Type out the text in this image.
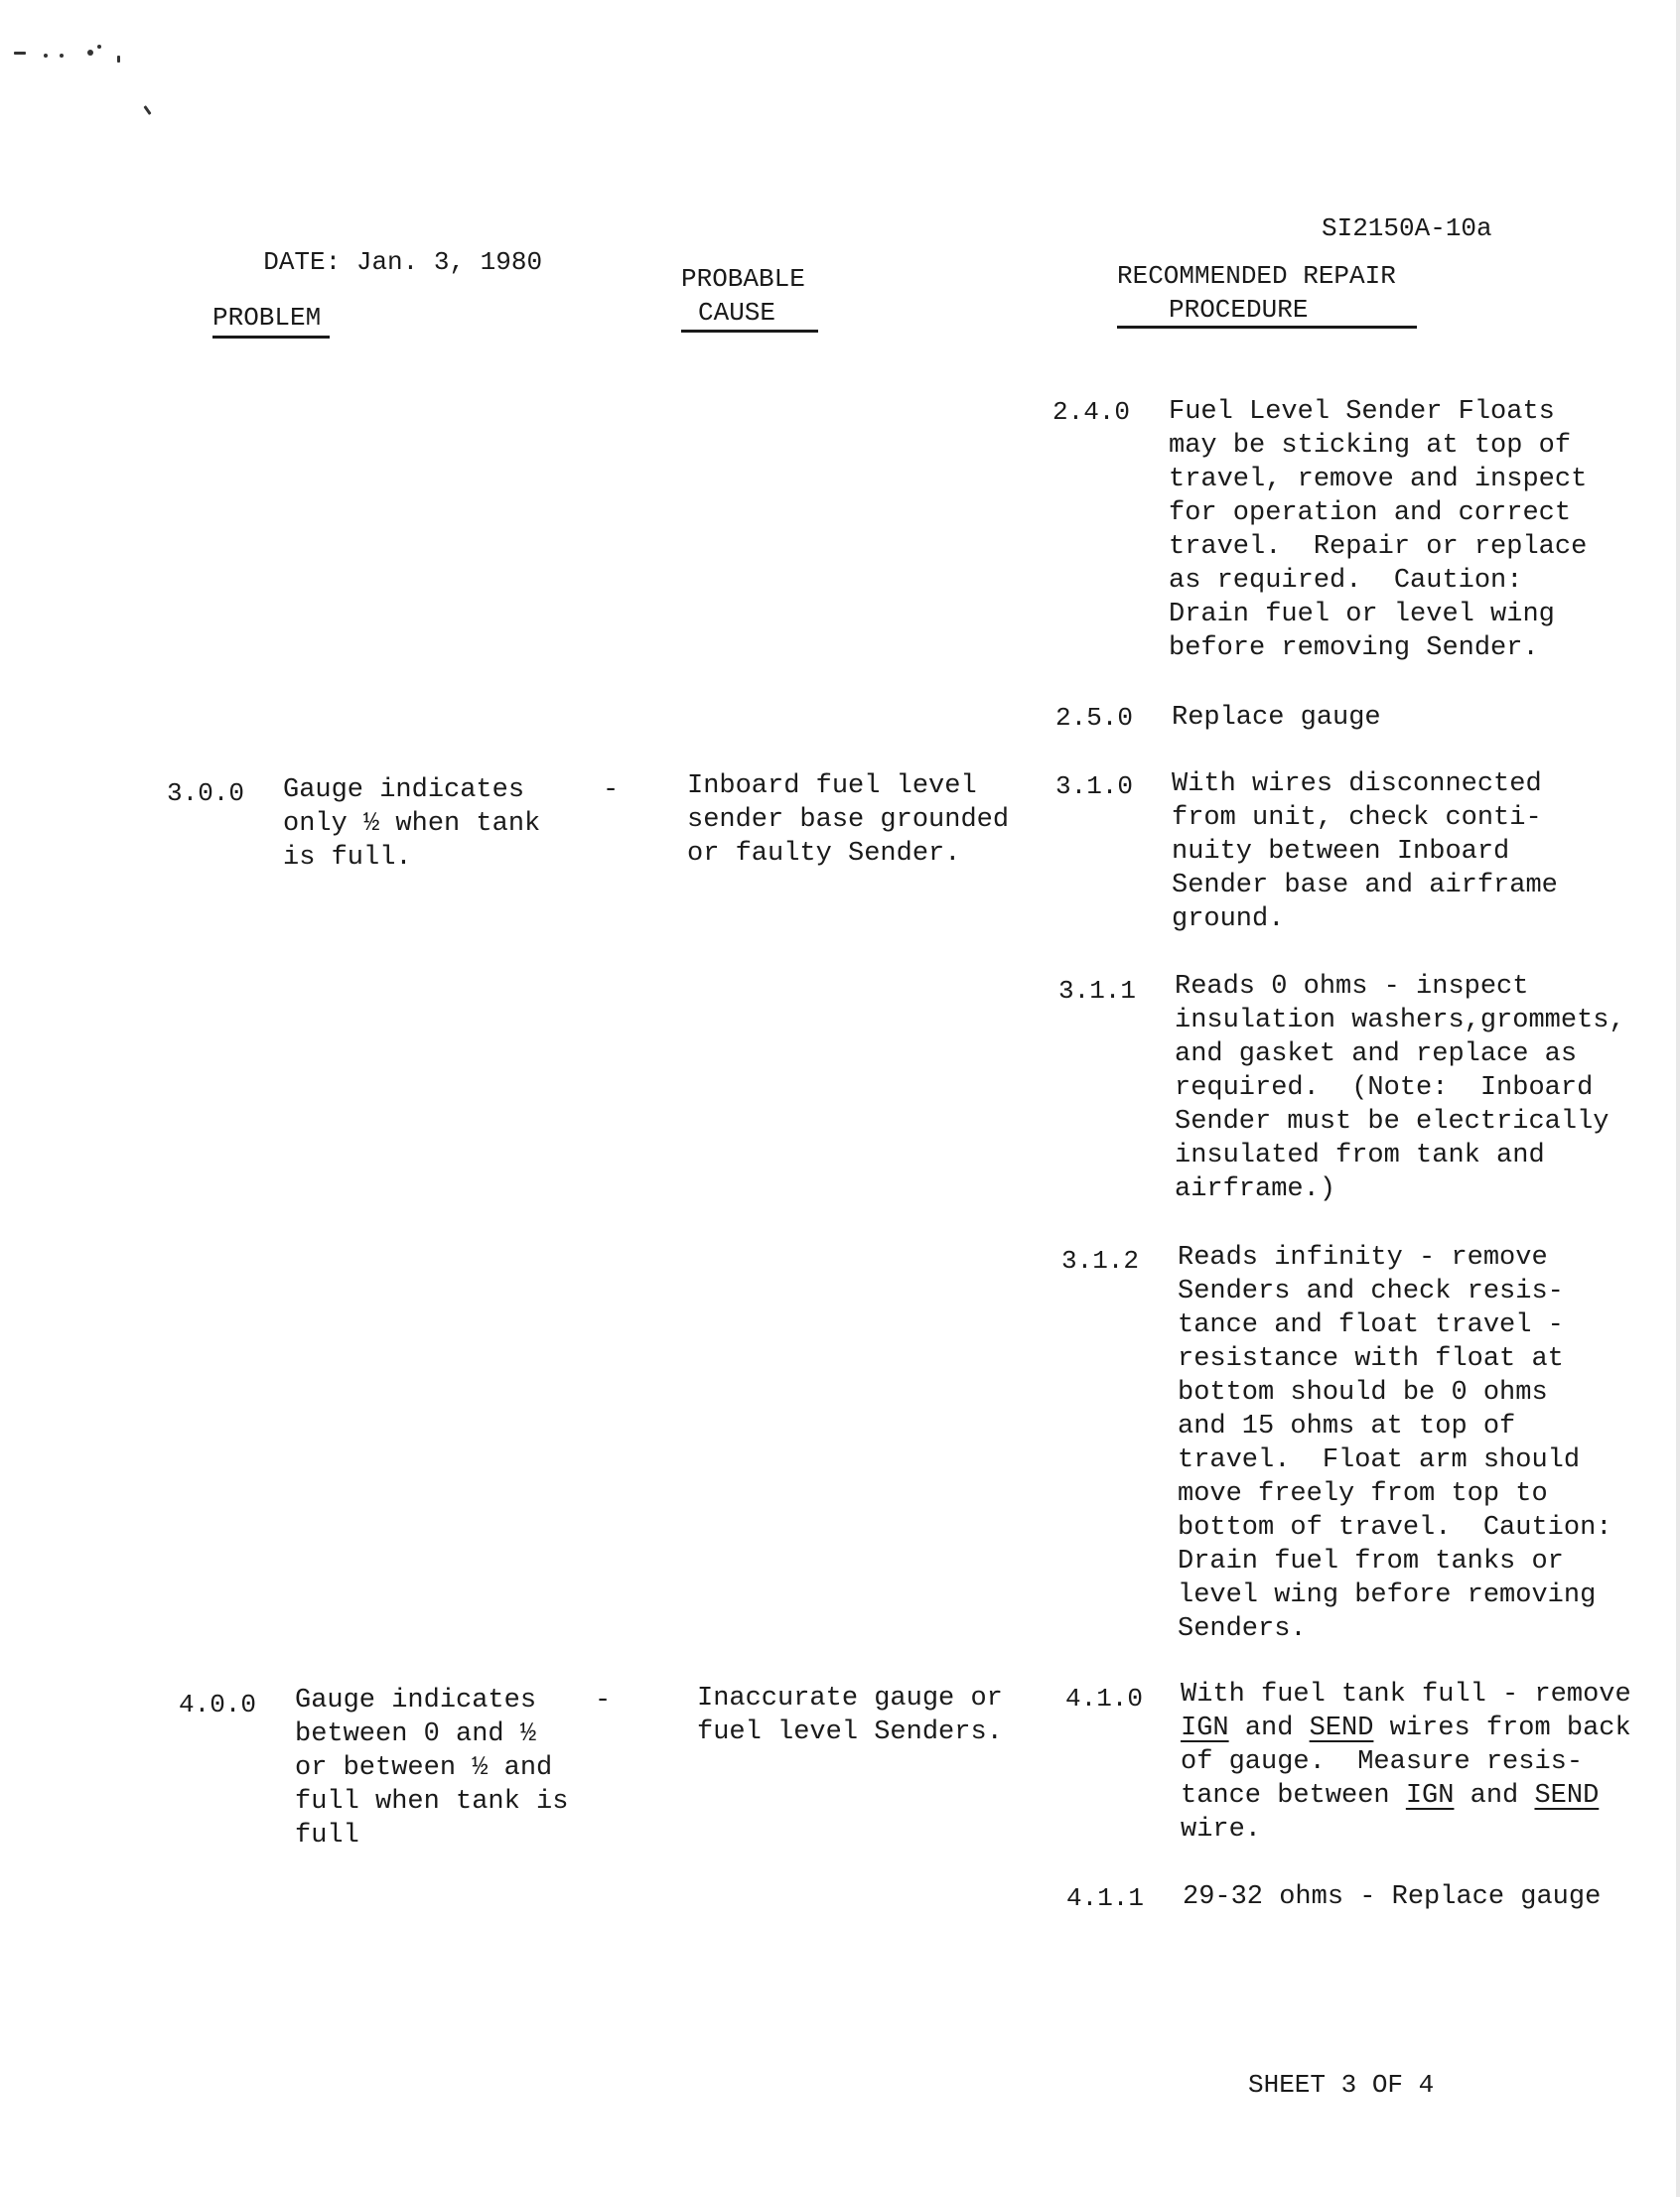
DATE: Jan. 3, 1980

SI2150A-10a
PROBLEM
PROBABLE
CAUSE
RECOMMENDED REPAIR
PROCEDURE
2.4.0 Fuel Level Sender Floats
may be sticking at top of
travel, remove and inspect
for operation and correct
travel.  Repair or replace
as required.  Caution:
Drain fuel or level wing
before removing Sender.
2.5.0 Replace gauge
3.0.0 Gauge indicates
only ½ when tank
is full.
-	Inboard fuel level
sender base grounded
or faulty Sender.
3.1.0 With wires disconnected
from unit, check conti-
nuity between Inboard
Sender base and airframe
ground.
3.1.1 Reads 0 ohms - inspect
insulation washers,grommets,
and gasket and replace as
required.  (Note:  Inboard
Sender must be electrically
insulated from tank and
airframe.)
3.1.2 Reads infinity - remove
Senders and check resis-
tance and float travel -
resistance with float at
bottom should be 0 ohms
and 15 ohms at top of
travel.  Float arm should
move freely from top to
bottom of travel.  Caution:
Drain fuel from tanks or
level wing before removing
Senders.
4.0.0 Gauge indicates
between 0 and ½
or between ½ and
full when tank is
full
-	Inaccurate gauge or
fuel level Senders.
4.1.0 With fuel tank full - remove
IGN and SEND wires from back
of gauge.  Measure resis-
tance between IGN and SEND
wire.
4.1.1 29-32 ohms - Replace gauge
SHEET 3 OF 4
